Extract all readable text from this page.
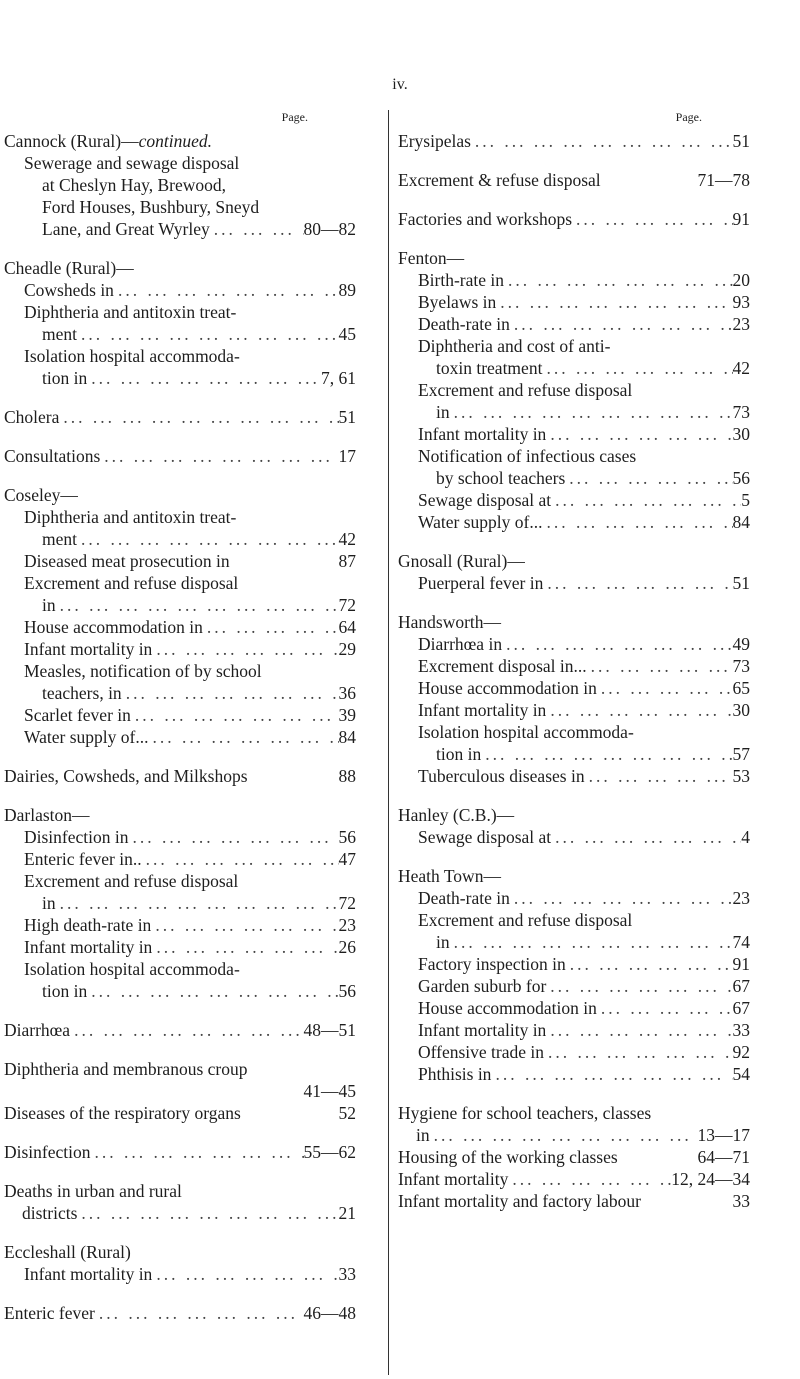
iv.
Page.
Cannock (Rural)—continued.
Sewerage and sewage disposal
at Cheslyn Hay, Brewood,
Ford Houses, Bushbury, Sneyd
Lane, and Great Wyrley ... .	80—82
Cheadle (Rural)—
Cowsheds in ... .	89
Diphtheria and antitoxin treat-
ment ... .	45
Isolation hospital accommoda-
tion in ... .	7, 61
Cholera ... .	51
Consultations ... .	17
Coseley—
Diphtheria and antitoxin treat-
ment ... .	42
Diseased meat prosecution in	87
Excrement and refuse disposal
in ... .	72
House accommodation in ... .	64
Infant mortality in ... .	29
Measles, notification of by school
teachers, in ... .	36
Scarlet fever in ... .	39
Water supply of... ... .	84
Dairies, Cowsheds, and Milkshops	88
Darlaston—
Disinfection in ... .	56
Enteric fever in.. ... .	47
Excrement and refuse disposal
in ... .	72
High death-rate in ... .	23
Infant mortality in ... .	26
Isolation hospital accommoda-
tion in ... .	56
Diarrhœa ... .	48—51
Diphtheria and membranous croup
41—45
Diseases of the respiratory organs	52
Disinfection ... .	55—62
Deaths in urban and rural
districts ... .	21
Eccleshall (Rural)
Infant mortality in ... .	33
Enteric fever ... .	46—48
Page.
Erysipelas ... .	51
Excrement & refuse disposal	71—78
Factories and workshops ... .	91
Fenton—
Birth-rate in ... .	20
Byelaws in ... .	93
Death-rate in ... .	23
Diphtheria and cost of anti-
toxin treatment ... .	42
Excrement and refuse disposal
in ... .	73
Infant mortality in ... .	30
Notification of infectious cases
by school teachers ... .	56
Sewage disposal at ... .	5
Water supply of... ... .	84
Gnosall (Rural)—
Puerperal fever in ... .	51
Handsworth—
Diarrhœa in ... .	49
Excrement disposal in... ... .	73
House accommodation in ... .	65
Infant mortality in ... .	30
Isolation hospital accommoda-
tion in ... .	57
Tuberculous diseases in ... .	53
Hanley (C.B.)—
Sewage disposal at ... .	4
Heath Town—
Death-rate in ... .	23
Excrement and refuse disposal
in ... .	74
Factory inspection in ... .	91
Garden suburb for ... .	67
House accommodation in ... .	67
Infant mortality in ... .	33
Offensive trade in ... .	92
Phthisis in ... .	54
Hygiene for school teachers, classes
in ... .	13—17
Housing of the working classes	64—71
Infant mortality ... .	12, 24—34
Infant mortality and factory labour	33
